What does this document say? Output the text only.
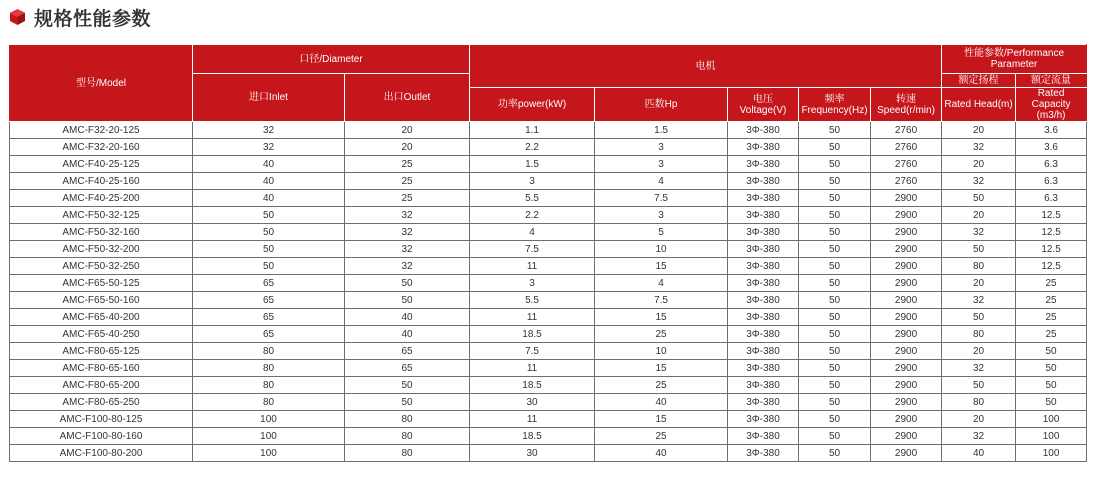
规格性能参数
型号/Model	口径/Diameter		电机					性能参数/Performance Parameter	
	进口Inlet	出口Outlet						额定扬程	额定流量
			功率power(kW)	匹数Hp	电压 Voltage(V)	频率 Frequency(Hz)	转速 Speed(r/min)	Rated Head(m)	Rated Capacity (m3/h)
AMC-F32-20-125	32	20	1.1	1.5	3Φ-380	50	2760	20	3.6
AMC-F32-20-160	32	20	2.2	3	3Φ-380	50	2760	32	3.6
AMC-F40-25-125	40	25	1.5	3	3Φ-380	50	2760	20	6.3
AMC-F40-25-160	40	25	3	4	3Φ-380	50	2760	32	6.3
AMC-F40-25-200	40	25	5.5	7.5	3Φ-380	50	2900	50	6.3
AMC-F50-32-125	50	32	2.2	3	3Φ-380	50	2900	20	12.5
AMC-F50-32-160	50	32	4	5	3Φ-380	50	2900	32	12.5
AMC-F50-32-200	50	32	7.5	10	3Φ-380	50	2900	50	12.5
AMC-F50-32-250	50	32	11	15	3Φ-380	50	2900	80	12.5
AMC-F65-50-125	65	50	3	4	3Φ-380	50	2900	20	25
AMC-F65-50-160	65	50	5.5	7.5	3Φ-380	50	2900	32	25
AMC-F65-40-200	65	40	11	15	3Φ-380	50	2900	50	25
AMC-F65-40-250	65	40	18.5	25	3Φ-380	50	2900	80	25
AMC-F80-65-125	80	65	7.5	10	3Φ-380	50	2900	20	50
AMC-F80-65-160	80	65	11	15	3Φ-380	50	2900	32	50
AMC-F80-65-200	80	50	18.5	25	3Φ-380	50	2900	50	50
AMC-F80-65-250	80	50	30	40	3Φ-380	50	2900	80	50
AMC-F100-80-125	100	80	11	15	3Φ-380	50	2900	20	100
AMC-F100-80-160	100	80	18.5	25	3Φ-380	50	2900	32	100
AMC-F100-80-200	100	80	30	40	3Φ-380	50	2900	40	100
